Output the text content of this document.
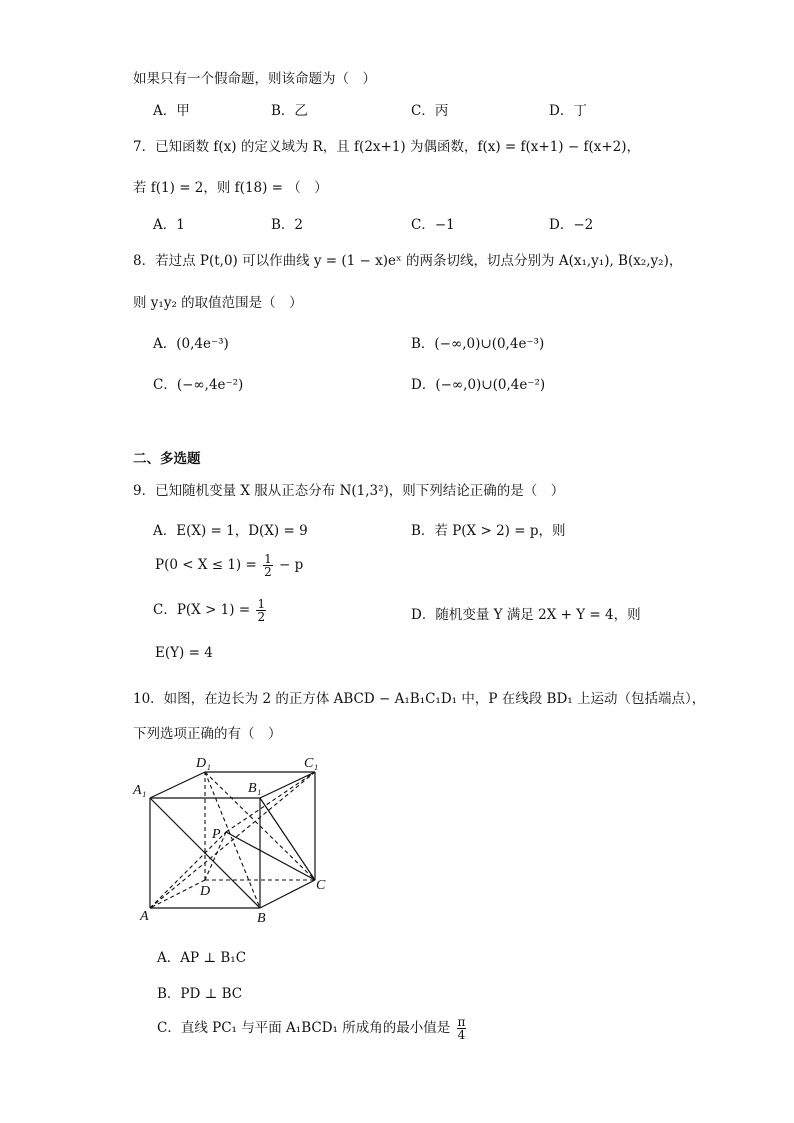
如果只有一个假命题，则该命题为（　）
A．甲	B．乙	C．丙	D．丁
7．已知函数 f(x) 的定义域为 R，且 f(2x+1) 为偶函数，f(x) = f(x+1) − f(x+2)，
若 f(1) = 2，则 f(18) = （　）
A．1	B．2	C．−1	D．−2
8．若过点 P(t,0) 可以作曲线 y = (1 − x)eˣ 的两条切线，切点分别为 A(x₁,y₁), B(x₂,y₂)，
则 y₁y₂ 的取值范围是（　）
A．(0,4e⁻³)	B．(−∞,0)∪(0,4e⁻³)
C．(−∞,4e⁻²)	D．(−∞,0)∪(0,4e⁻²)
二、多选题
9．已知随机变量 X 服从正态分布 N(1,3²)，则下列结论正确的是（　）
A．E(X) = 1，D(X) = 9	B．若 P(X > 2) = p，则
$P(0 < X \le 1) = \frac{1}{2} - p$
C．$P(X > 1) = \frac{1}{2}$	D．随机变量 Y 满足 2X + Y = 4，则
E(Y) = 4
10．如图，在边长为 2 的正方体 ABCD − A₁B₁C₁D₁ 中，P 在线段 BD₁ 上运动（包括端点），
下列选项正确的有（　）
D₁	C₁
A₁	B₁
P
D	C
A	B
A．AP ⊥ B₁C
B．PD ⊥ BC
C．直线 PC₁ 与平面 A₁BCD₁ 所成角的最小值是 $\frac{\pi}{4}$
